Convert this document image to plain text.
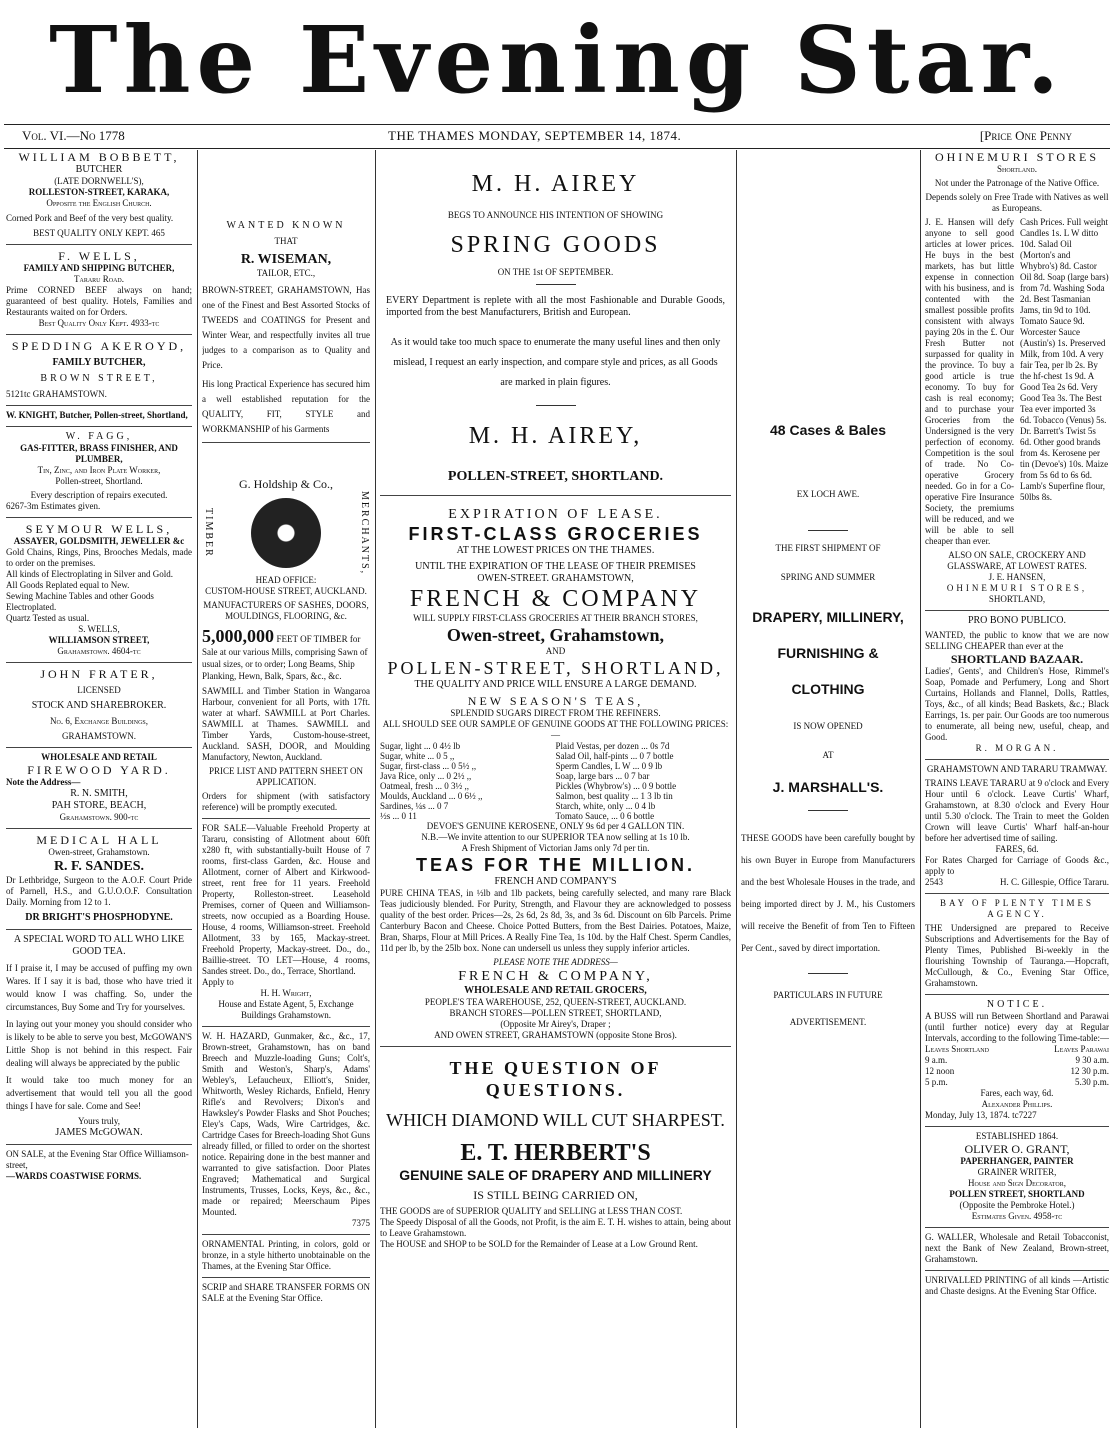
The Evening Star.
Vol. VI.—No 1778	THE THAMES MONDAY, SEPTEMBER 14, 1874.	[Price One Penny
WILLIAM BOBBETT,
BUTCHER
(LATE DORNWELL'S),
ROLLESTON-STREET, KARAKA,
Opposite the English Church.
Corned Pork and Beef of the very best quality.
BEST QUALITY ONLY KEPT. 465
F. WELLS,
FAMILY AND SHIPPING BUTCHER,
Tararu Road.
Prime CORNED BEEF always on hand; guaranteed of best quality. Hotels, Families and Restaurants waited on for Orders.
Best Quality Only Kept. 4933-tc
SPEDDING AKEROYD,
FAMILY BUTCHER,
BROWN STREET,
5121tc GRAHAMSTOWN.
W. KNIGHT, Butcher, Pollen-street, Shortland,
W. FAGG,
GAS-FITTER, BRASS FINISHER, AND PLUMBER,
Tin, Zinc, and Iron Plate Worker,
Pollen-street, Shortland.
Every description of repairs executed.
6267-3m Estimates given.
SEYMOUR WELLS,
ASSAYER, GOLDSMITH, JEWELLER &c
Gold Chains, Rings, Pins, Brooches Medals, made to order on the premises.
All kinds of Electroplating in Silver and Gold.
All Goods Replated equal to New.
Sewing Machine Tables and other Goods Electroplated.
Quartz Tested as usual.
S. WELLS,
WILLIAMSON STREET,
Grahamstown. 4604-tc
JOHN FRATER,
LICENSED
STOCK AND SHAREBROKER.
No. 6, Exchange Buildings,
GRAHAMSTOWN.
WHOLESALE AND RETAIL
FIREWOOD YARD.
Note the Address—
R. N. SMITH,
PAH STORE, BEACH,
Grahamstown. 900-tc
MEDICAL HALL
Owen-street, Grahamstown.
R. F. SANDES.
Dr Lethbridge, Surgeon to the A.O.F. Court Pride of Parnell, H.S., and G.U.O.O.F. Consultation Daily. Morning from 12 to 1.
DR BRIGHT'S PHOSPHODYNE.
A SPECIAL WORD TO ALL WHO LIKE GOOD TEA.
If I praise it, I may be accused of puffing my own Wares. If I say it is bad, those who have tried it would know I was chaffing. So, under the circumstances, Buy Some and Try for yourselves.
In laying out your money you should consider who is likely to be able to serve you best, McGOWAN'S Little Shop is not behind in this respect. Fair dealing will always be appreciated by the public
It would take too much money for an advertisement that would tell you all the good things I have for sale. Come and See!
Yours truly,
JAMES McGOWAN.
ON SALE, at the Evening Star Office Williamson-street,
—WARDS COASTWISE FORMS.
WANTED KNOWN
THAT
R. WISEMAN,
TAILOR, ETC.,
BROWN-STREET, GRAHAMSTOWN, Has one of the Finest and Best Assorted Stocks of TWEEDS and COATINGS for Present and Winter Wear, and respectfully invites all true judges to a comparison as to Quality and Price.
His long Practical Experience has secured him a well established reputation for the QUALITY, FIT, STYLE and WORKMANSHIP of his Garments
G. Holdship & Co.,
TIMBER	MERCHANTS,
HEAD OFFICE:
CUSTOM-HOUSE STREET, AUCKLAND.
MANUFACTURERS OF SASHES, DOORS, MOULDINGS, FLOORING, &c.
5,000,000 FEET OF TIMBER for Sale at our various Mills, comprising Sawn of usual sizes, or to order; Long Beams, Ship Planking, Hewn, Balk, Spars, &c., &c.
SAWMILL and Timber Station in Wangaroa Harbour, convenient for all Ports, with 17ft. water at wharf. SAWMILL at Port Charles. SAWMILL at Thames. SAWMILL and Timber Yards, Custom-house-street, Auckland. SASH, DOOR, and Moulding Manufactory, Newton, Auckland.
PRICE LIST AND PATTERN SHEET ON APPLICATION.
Orders for shipment (with satisfactory reference) will be promptly executed.
FOR SALE—Valuable Freehold Property at Tararu, consisting of Allotment about 60ft x280 ft, with substantially-built House of 7 rooms, first-class Garden, &c. House and Allotment, corner of Albert and Kirkwood-street, rent free for 11 years. Freehold Property, Rolleston-street. Leasehold Premises, corner of Queen and Williamson-streets, now occupied as a Boarding House. House, 4 rooms, Williamson-street. Freehold Allotment, 33 by 165, Mackay-street. Freehold Property, Mackay-street. Do., do., Baillie-street. TO LET—House, 4 rooms, Sandes street. Do., do., Terrace, Shortland.
Apply to
H. H. Wright,
House and Estate Agent, 5, Exchange Buildings Grahamstown.
W. H. HAZARD, Gunmaker, &c., &c., 17, Brown-street, Grahamstown, has on band Breech and Muzzle-loading Guns; Colt's, Smith and Weston's, Sharp's, Adams' Webley's, Lefaucheux, Elliott's, Snider, Whitworth, Wesley Richards, Enfield, Henry Rifle's and Revolvers; Dixon's and Hawksley's Powder Flasks and Shot Pouches; Eley's Caps, Wads, Wire Cartridges, &c. Cartridge Cases for Breech-loading Shot Guns already filled, or filled to order on the shortest notice. Repairing done in the best manner and warranted to give satisfaction. Door Plates Engraved; Mathematical and Surgical Instruments, Trusses, Locks, Keys, &c., &c., made or repaired; Meerschaum Pipes Mounted.
7375
ORNAMENTAL Printing, in colors, gold or bronze, in a style hitherto unobtainable on the Thames, at the Evening Star Office.
SCRIP and SHARE TRANSFER FORMS ON SALE at the Evening Star Office.
M. H. AIREY
BEGS TO ANNOUNCE HIS INTENTION OF SHOWING
SPRING GOODS
ON THE 1st OF SEPTEMBER.
EVERY Department is replete with all the most Fashionable and Durable Goods, imported from the best Manufacturers, British and European.
As it would take too much space to enumerate the many useful lines and then only mislead, I request an early inspection, and compare style and prices, as all Goods are marked in plain figures.
M. H. AIREY,
POLLEN-STREET, SHORTLAND.
EXPIRATION OF LEASE.
FIRST-CLASS GROCERIES
AT THE LOWEST PRICES ON THE THAMES.
UNTIL THE EXPIRATION OF THE LEASE OF THEIR PREMISES
OWEN-STREET. GRAHAMSTOWN,
FRENCH & COMPANY
WILL SUPPLY FIRST-CLASS GROCERIES AT THEIR BRANCH STORES,
Owen-street, Grahamstown,
AND
POLLEN-STREET, SHORTLAND,
THE QUALITY AND PRICE WILL ENSURE A LARGE DEMAND.
NEW SEASON'S TEAS,
SPLENDID SUGARS DIRECT FROM THE REFINERS.
ALL SHOULD SEE OUR SAMPLE OF GENUINE GOODS AT THE FOLLOWING PRICES:—
Sugar, light ... 0 4½ lb
Sugar, white ... 0 5 ,,
Sugar, first-class ... 0 5½ ,,
Java Rice, only ... 0 2½ ,,
Oatmeal, fresh ... 0 3½ ,,
Moulds, Auckland ... 0 6½ ,,
Sardines, ¼s ... 0 7
½s ... 0 11
Plaid Vestas, per dozen ... 0s 7d
Salad Oil, half-pints ... 0 7 bottle
Sperm Candles, L W ... 0 9 lb
Soap, large bars ... 0 7 bar
Pickles (Whybrow's) ... 0 9 bottle
Salmon, best quality ... 1 3 lb tin
Starch, white, only ... 0 4 lb
Tomato Sauce, ... 0 6 bottle
DEVOE'S GENUINE KEROSENE, ONLY 9s 6d per 4 GALLON TIN.
N.B.—We invite attention to our SUPERIOR TEA now selling at 1s 10 lb.
A Fresh Shipment of Victorian Jams only 7d per tin.
TEAS FOR THE MILLION.
FRENCH AND COMPANY'S
PURE CHINA TEAS, in ½lb and 1lb packets, being carefully selected, and many rare Black Teas judiciously blended. For Purity, Strength, and Flavour they are acknowledged to possess quality of the best order. Prices—2s, 2s 6d, 2s 8d, 3s, and 3s 6d. Discount on 6lb Parcels. Prime Canterbury Bacon and Cheese. Choice Potted Butters, from the Best Dairies. Potatoes, Maize, Bran, Sharps, Flour at Mill Prices. A Really Fine Tea, 1s 10d. by the Half Chest. Sperm Candles, 11d per lb, by the 25lb box. None can undersell us unless they supply inferior articles.
PLEASE NOTE THE ADDRESS—
FRENCH & COMPANY,
WHOLESALE AND RETAIL GROCERS,
PEOPLE'S TEA WAREHOUSE, 252, QUEEN-STREET, AUCKLAND.
BRANCH STORES—POLLEN STREET, SHORTLAND,
(Opposite Mr Airey's, Draper ;
AND OWEN STREET, GRAHAMSTOWN (opposite Stone Bros).
THE QUESTION OF QUESTIONS.
WHICH DIAMOND WILL CUT SHARPEST.
E. T. HERBERT'S
GENUINE SALE OF DRAPERY AND MILLINERY
IS STILL BEING CARRIED ON,
THE GOODS are of SUPERIOR QUALITY and SELLING at LESS THAN COST.
The Speedy Disposal of all the Goods, not Profit, is the aim E. T. H. wishes to attain, being about to Leave Grahamstown.
The HOUSE and SHOP to be SOLD for the Remainder of Lease at a Low Ground Rent.
48 Cases & Bales
EX LOCH AWE.
THE FIRST SHIPMENT OF
SPRING AND SUMMER
DRAPERY, MILLINERY, FURNISHING & CLOTHING
IS NOW OPENED
AT
J. MARSHALL'S.
THESE GOODS have been carefully bought by his own Buyer in Europe from Manufacturers and the best Wholesale Houses in the trade, and being imported direct by J. M., his Customers will receive the Benefit of from Ten to Fifteen Per Cent., saved by direct importation.
PARTICULARS IN FUTURE
ADVERTISEMENT.
OHINEMURI STORES
Shortland.
Not under the Patronage of the Native Office.
Depends solely on Free Trade with Natives as well as Europeans.
J. E. Hansen will defy anyone to sell good articles at lower prices. He buys in the best markets, has but little expense in connection with his business, and is contented with the smallest possible profits consistent with always paying 20s in the £. Our Fresh Butter not surpassed for quality in the province. To buy a good article is true economy. To buy for cash is real economy; and to purchase your Groceries from the Undersigned is the very perfection of economy. Competition is the soul of trade. No Co-operative Grocery needed. Go in for a Co-operative Fire Insurance Society, the premiums will be reduced, and we will be able to sell cheaper than ever.
Cash Prices. Full weight Candles 1s. L W ditto 10d. Salad Oil (Morton's and Whybro's) 8d. Castor Oil 8d. Soap (large bars) from 7d. Washing Soda 2d. Best Tasmanian Jams, tin 9d to 10d. Tomato Sauce 9d. Worcester Sauce (Austin's) 1s. Preserved Milk, from 10d. A very fair Tea, per lb 2s. By the hf-chest 1s 9d. A Good Tea 2s 6d. Very Good Tea 3s. The Best Tea ever imported 3s 6d. Tobacco (Venus) 5s. Dr. Barrett's Twist 5s 6d. Other good brands from 4s. Kerosene per tin (Devoe's) 10s. Maize from 5s 6d to 6s 6d. Lamb's Superfine flour, 50lbs 8s.
ALSO ON SALE, CROCKERY AND GLASSWARE, AT LOWEST RATES.
J. E. HANSEN,
OHINEMURI STORES,
SHORTLAND,
PRO BONO PUBLICO.
WANTED, the public to know that we are now SELLING CHEAPER than ever at the
SHORTLAND BAZAAR.
Ladies', Gents', and Children's Hose, Rimmel's Soap, Pomade and Perfumery, Long and Short Curtains, Hollands and Flannel, Dolls, Rattles, Toys, &c., of all kinds; Bead Baskets, &c.; Black Earrings, 1s. per pair. Our Goods are too numerous to enumerate, all being new, useful, cheap, and Good.
R. MORGAN.
GRAHAMSTOWN AND TARARU TRAMWAY.
TRAINS LEAVE TARARU at 9 o'clock and Every Hour until 6 o'clock. Leave Curtis' Wharf, Grahamstown, at 8.30 o'clock and Every Hour until 5.30 o'clock. The Train to meet the Golden Crown will leave Curtis' Wharf half-an-hour before her advertised time of sailing.
FARES, 6d.
For Rates Charged for Carriage of Goods &c., apply to
2543	H. C. Gillespie, Office Tararu.
BAY OF PLENTY TIMES AGENCY.
THE Undersigned are prepared to Receive Subscriptions and Advertisements for the Bay of Plenty Times, Published Bi-weekly in the flourishing Township of Tauranga.—Hopcraft, McCullough, & Co., Evening Star Office, Grahamstown.
NOTICE.
A BUSS will run Between Shortland and Parawai (until further notice) every day at Regular Intervals, according to the following Time-table:—
Leaves Shortland	Leaves Parawai
9 a.m.	9 30 a.m.
12 noon	12 30 p.m.
5 p.m.	5.30 p.m.
Fares, each way, 6d.
Alexander Phillips.
Monday, July 13, 1874. tc7227
ESTABLISHED 1864.
OLIVER O. GRANT,
PAPERHANGER, PAINTER
GRAINER WRITER,
House and Sign Decorator,
POLLEN STREET, SHORTLAND
(Opposite the Pembroke Hotel.)
Estimates Given. 4958-tc
G. WALLER, Wholesale and Retail Tobacconist, next the Bank of New Zealand, Brown-street, Grahamstown.
UNRIVALLED PRINTING of all kinds —Artistic and Chaste designs. At the Evening Star Office.
